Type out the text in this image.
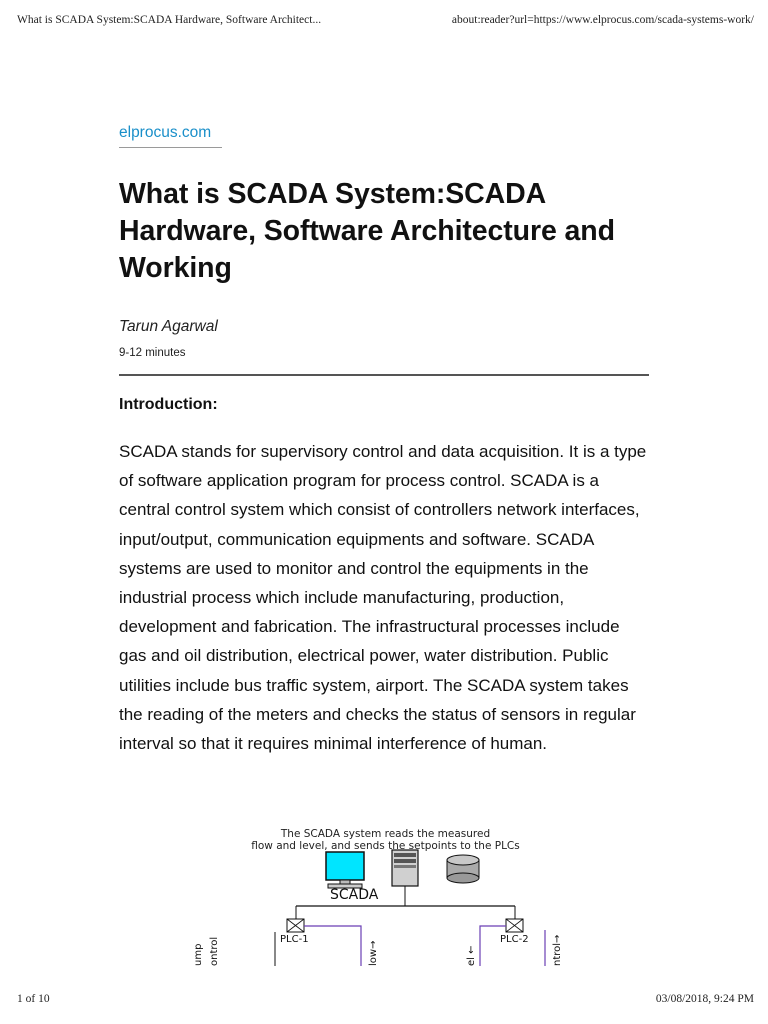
What is SCADA System:SCADA Hardware, Software Architect...	about:reader?url=https://www.elprocus.com/scada-systems-work/
elprocus.com
What is SCADA System:SCADA Hardware, Software Architecture and Working
Tarun Agarwal
9-12 minutes
Introduction:
SCADA stands for supervisory control and data acquisition. It is a type of software application program for process control. SCADA is a central control system which consist of controllers network interfaces, input/output, communication equipments and software. SCADA systems are used to monitor and control the equipments in the industrial process which include manufacturing, production, development and fabrication. The infrastructural processes include gas and oil distribution, electrical power, water distribution. Public utilities include bus traffic system, airport. The SCADA system takes the reading of the meters and checks the status of sensors in regular interval so that it requires minimal interference of human.
SCADA
PLC-1	PLC-2
ump ontrol	low→	el ←	ntrol→
The SCADA system reads the measured
flow and level, and sends the setpoints to the PLCs
1 of 10	03/08/2018, 9:24 PM
